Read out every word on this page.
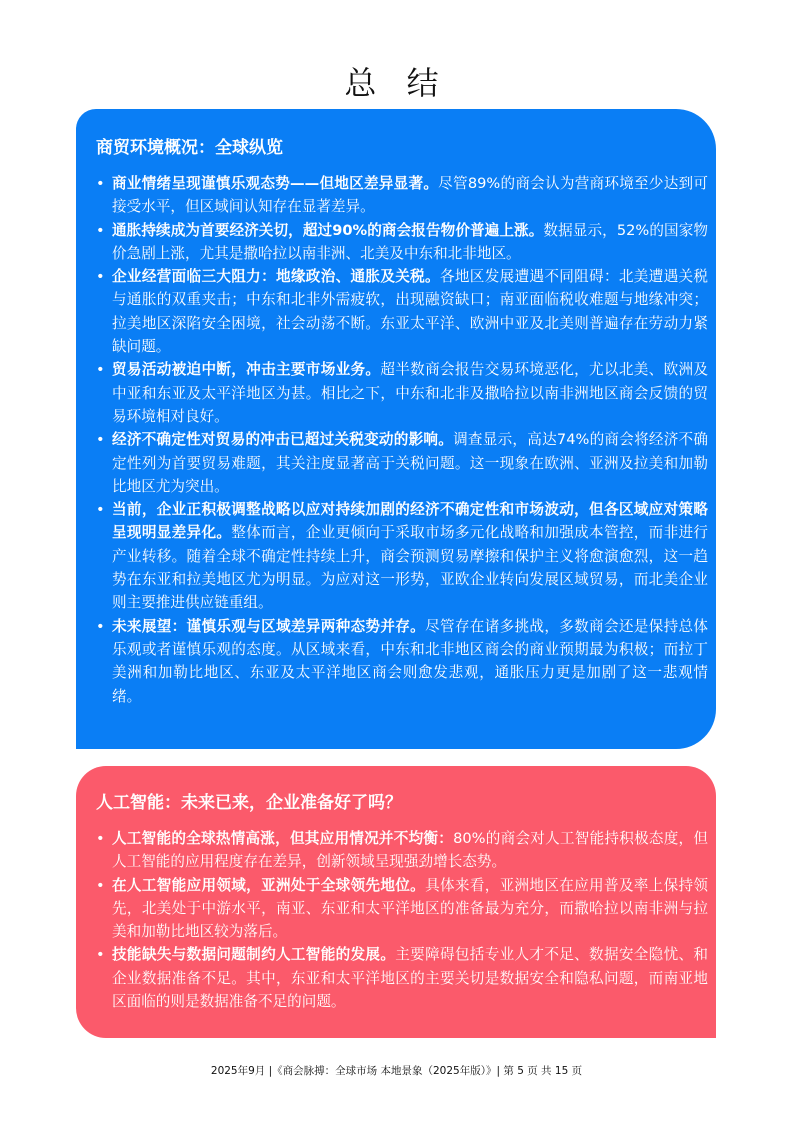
总 结
商贸环境概况：全球纵览
• 商业情绪呈现谨慎乐观态势——但地区差异显著。尽管89%的商会认为营商环境至少达到可接受水平，但区域间认知存在显著差异。
• 通胀持续成为首要经济关切，超过90%的商会报告物价普遍上涨。数据显示，52%的国家物价急剧上涨，尤其是撒哈拉以南非洲、北美及中东和北非地区。
• 企业经营面临三大阻力：地缘政治、通胀及关税。各地区发展遭遇不同阻碍：北美遭遇关税与通胀的双重夹击；中东和北非外需疲软，出现融资缺口；南亚面临税收难题与地缘冲突；拉美地区深陷安全困境，社会动荡不断。东亚太平洋、欧洲中亚及北美则普遍存在劳动力紧缺问题。
• 贸易活动被迫中断，冲击主要市场业务。超半数商会报告交易环境恶化，尤以北美、欧洲及中亚和东亚及太平洋地区为甚。相比之下，中东和北非及撒哈拉以南非洲地区商会反馈的贸易环境相对良好。
• 经济不确定性对贸易的冲击已超过关税变动的影响。调查显示，高达74%的商会将经济不确定性列为首要贸易难题，其关注度显著高于关税问题。这一现象在欧洲、亚洲及拉美和加勒比地区尤为突出。
• 当前，企业正积极调整战略以应对持续加剧的经济不确定性和市场波动，但各区域应对策略呈现明显差异化。整体而言，企业更倾向于采取市场多元化战略和加强成本管控，而非进行产业转移。随着全球不确定性持续上升，商会预测贸易摩擦和保护主义将愈演愈烈，这一趋势在东亚和拉美地区尤为明显。为应对这一形势，亚欧企业转向发展区域贸易，而北美企业则主要推进供应链重组。
• 未来展望：谨慎乐观与区域差异两种态势并存。尽管存在诸多挑战，多数商会还是保持总体乐观或者谨慎乐观的态度。从区域来看，中东和北非地区商会的商业预期最为积极；而拉丁美洲和加勒比地区、东亚及太平洋地区商会则愈发悲观，通胀压力更是加剧了这一悲观情绪。
人工智能：未来已来，企业准备好了吗？
• 人工智能的全球热情高涨，但其应用情况并不均衡：80%的商会对人工智能持积极态度，但人工智能的应用程度存在差异，创新领域呈现强劲增长态势。
• 在人工智能应用领域，亚洲处于全球领先地位。具体来看，亚洲地区在应用普及率上保持领先，北美处于中游水平，南亚、东亚和太平洋地区的准备最为充分，而撒哈拉以南非洲与拉美和加勒比地区较为落后。
• 技能缺失与数据问题制约人工智能的发展。主要障碍包括专业人才不足、数据安全隐忧、和企业数据准备不足。其中，东亚和太平洋地区的主要关切是数据安全和隐私问题，而南亚地区面临的则是数据准备不足的问题。
2025年9月 |《商会脉搏：全球市场 本地景象（2025年版）》| 第 5 页 共 15 页
